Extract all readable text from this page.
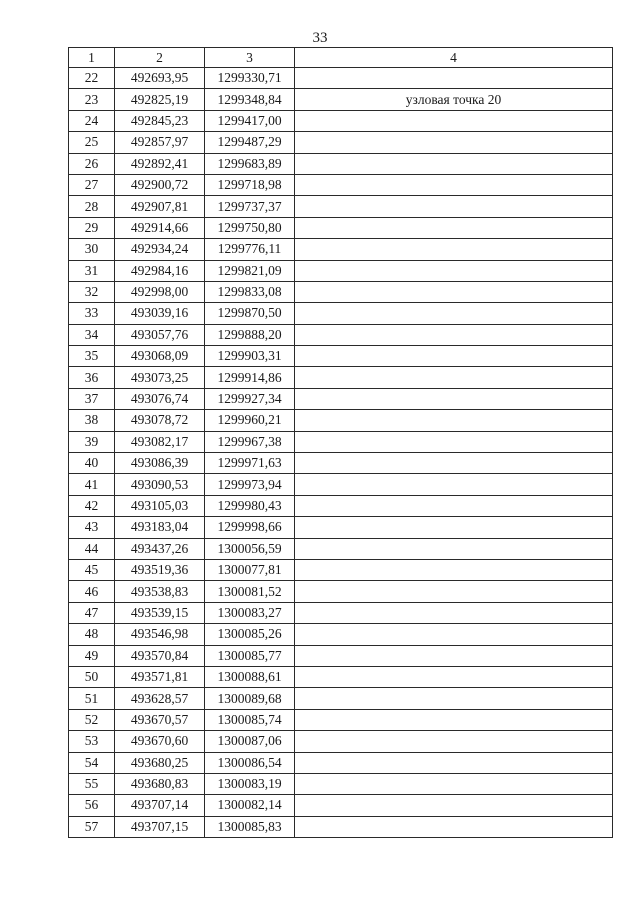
33
1	2	3	4
22	492693,95	1299330,71	
23	492825,19	1299348,84	узловая точка 20
24	492845,23	1299417,00	
25	492857,97	1299487,29	
26	492892,41	1299683,89	
27	492900,72	1299718,98	
28	492907,81	1299737,37	
29	492914,66	1299750,80	
30	492934,24	1299776,11	
31	492984,16	1299821,09	
32	492998,00	1299833,08	
33	493039,16	1299870,50	
34	493057,76	1299888,20	
35	493068,09	1299903,31	
36	493073,25	1299914,86	
37	493076,74	1299927,34	
38	493078,72	1299960,21	
39	493082,17	1299967,38	
40	493086,39	1299971,63	
41	493090,53	1299973,94	
42	493105,03	1299980,43	
43	493183,04	1299998,66	
44	493437,26	1300056,59	
45	493519,36	1300077,81	
46	493538,83	1300081,52	
47	493539,15	1300083,27	
48	493546,98	1300085,26	
49	493570,84	1300085,77	
50	493571,81	1300088,61	
51	493628,57	1300089,68	
52	493670,57	1300085,74	
53	493670,60	1300087,06	
54	493680,25	1300086,54	
55	493680,83	1300083,19	
56	493707,14	1300082,14	
57	493707,15	1300085,83	
